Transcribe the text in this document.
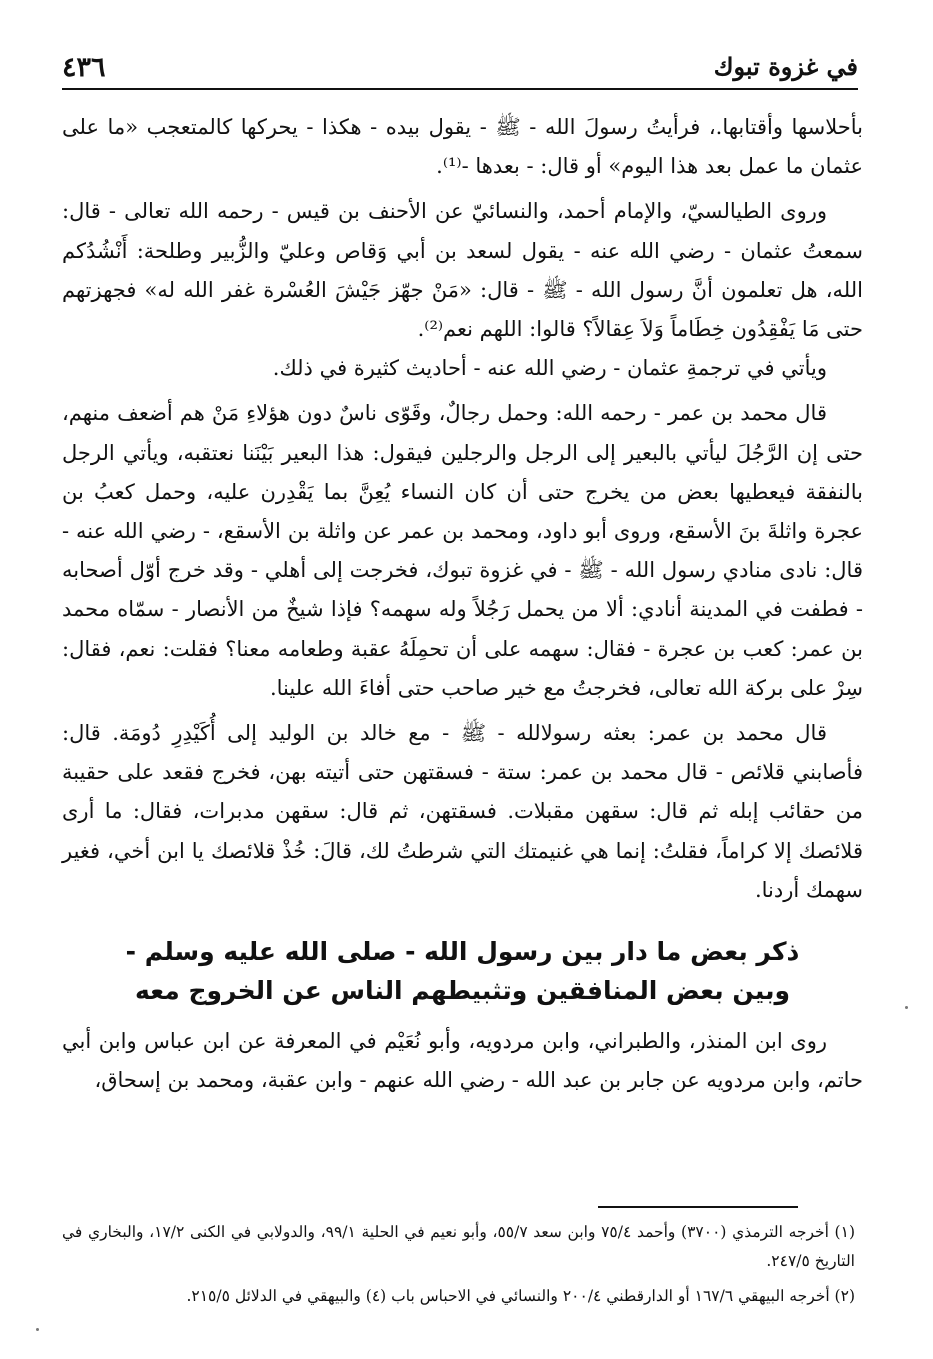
في غزوة تبوك
٤٣٦

بأحلاسها وأقتابها.، فرأيتُ رسولَ الله - ﷺ - يقول بيده - هكذا - يحركها كالمتعجب «ما على عثمان ما عمل بعد هذا اليوم» أو قال: - بعدها -⁽¹⁾.

وروى الطيالسيّ، والإمام أحمد، والنسائيّ عن الأحنف بن قيس - رحمه الله تعالى - قال: سمعتُ عثمان - رضي الله عنه - يقول لسعد بن أبي وَقاص وعليّ والزُّبير وطلحة: أَنْشُدُكم الله، هل تعلمون أنَّ رسول الله - ﷺ - قال: «مَنْ جهّز جَيْشَ العُسْرة غفر الله له» فجهزتهم حتى مَا يَفْقِدُون خِطَاماً وَلاَ عِقالاً؟ قالوا: اللهم نعم⁽²⁾.

ويأتي في ترجمةِ عثمان - رضي الله عنه - أحاديث كثيرة في ذلك.

قال محمد بن عمر - رحمه الله: وحمل رجالٌ، وقَوّى ناسٌ دون هؤلاءِ مَنْ هم أضعف منهم، حتى إن الرَّجُلَ ليأتي بالبعير إلى الرجل والرجلين فيقول: هذا البعير بَيْنَنا نعتقبه، ويأتي الرجل بالنفقة فيعطيها بعض من يخرج حتى أن كان النساء يُعِنَّ بما يَقْدِرن عليه، وحمل كعبُ بن عجرة واثلةَ بنَ الأسقع، وروى أبو داود، ومحمد بن عمر عن واثلة بن الأسقع، - رضي الله عنه - قال: نادى منادي رسول الله - ﷺ - في غزوة تبوك، فخرجت إلى أهلي - وقد خرج أوّل أصحابه - فطفت في المدينة أنادي: ألا من يحمل رَجُلاً وله سهمه؟ فإذا شيخٌ من الأنصار - سمّاه محمد بن عمر: كعب بن عجرة - فقال: سهمه على أن تحمِلَهُ عقبة وطعامه معنا؟ فقلت: نعم، فقال: سِرْ على بركة الله تعالى، فخرجتُ مع خير صاحب حتى أفاءَ الله علينا.

قال محمد بن عمر: بعثه رسولالله - ﷺ - مع خالد بن الوليد إلى أُكَيْدِرِ دُومَة. قال: فأصابني قلائص - قال محمد بن عمر: ستة - فسقتهن حتى أتيته بهن، فخرج فقعد على حقيبة من حقائب إبله ثم قال: سقهن مقبلات. فسقتهن، ثم قال: سقهن مدبرات، فقال: ما أرى قلائصك إلا كراماً، فقلتُ: إنما هي غنيمتك التي شرطتُ لك، قالَ: خُذْ قلائصك يا ابن أخي، فغير سهمك أردنا.

ذكر بعض ما دار بين رسول الله - صلى الله عليه وسلم -
وبين بعض المنافقين وتثبيطهم الناس عن الخروج معه

روى ابن المنذر، والطبراني، وابن مردويه، وأبو نُعَيْم في المعرفة عن ابن عباس وابن أبي حاتم، وابن مردويه عن جابر بن عبد الله - رضي الله عنهم - وابن عقبة، ومحمد بن إسحاق،

(١) أخرجه الترمذي (٣٧٠٠) وأحمد ٧٥/٤ وابن سعد ٥٥/٧، وأبو نعيم في الحلية ٩٩/١، والدولابي في الكنى ١٧/٢، والبخاري في التاريخ ٢٤٧/٥.

(٢) أخرجه البيهقي ١٦٧/٦ أو الدارقطني ٢٠٠/٤ والنسائي في الاحباس باب (٤) والبيهقي في الدلائل ٢١٥/٥.
